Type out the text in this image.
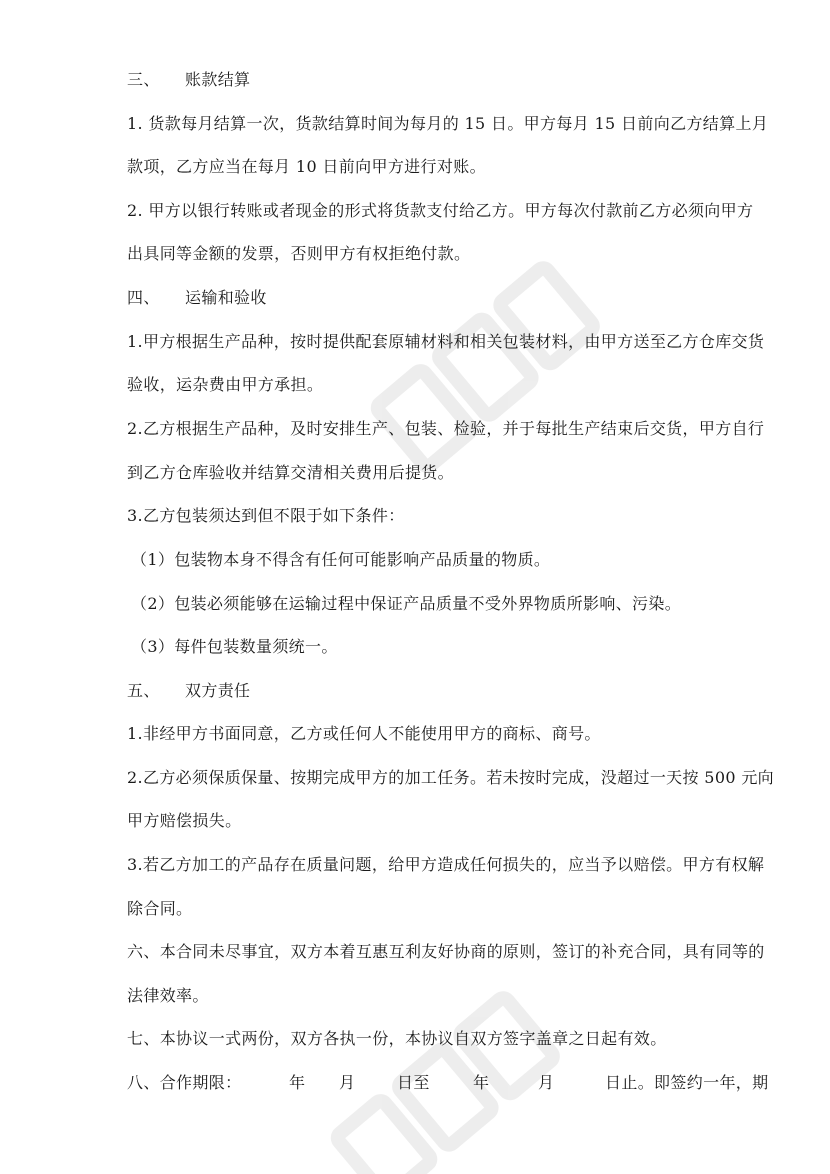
三、 账款结算
1. 货款每月结算一次，货款结算时间为每月的 15 日。甲方每月 15 日前向乙方结算上月
款项，乙方应当在每月 10 日前向甲方进行对账。
2. 甲方以银行转账或者现金的形式将货款支付给乙方。甲方每次付款前乙方必须向甲方
出具同等金额的发票，否则甲方有权拒绝付款。
四、 运输和验收
1.甲方根据生产品种，按时提供配套原辅材料和相关包装材料，由甲方送至乙方仓库交货
验收，运杂费由甲方承担。
2.乙方根据生产品种，及时安排生产、包装、检验，并于每批生产结束后交货，甲方自行
到乙方仓库验收并结算交清相关费用后提货。
3.乙方包装须达到但不限于如下条件：
（1）包装物本身不得含有任何可能影响产品质量的物质。
（2）包装必须能够在运输过程中保证产品质量不受外界物质所影响、污染。
（3）每件包装数量须统一。
五、 双方责任
1.非经甲方书面同意，乙方或任何人不能使用甲方的商标、商号。
2.乙方必须保质保量、按期完成甲方的加工任务。若未按时完成，没超过一天按 500 元向
甲方赔偿损失。
3.若乙方加工的产品存在质量问题，给甲方造成任何损失的，应当予以赔偿。甲方有权解
除合同。
六、本合同未尽事宜，双方本着互惠互利友好协商的原则，签订的补充合同，具有同等的
法律效率。
七、本协议一式两份，双方各执一份，本协议自双方签字盖章之日起有效。
八、合作期限：	年 月	日至	年	月	日止。即签约一年，期
